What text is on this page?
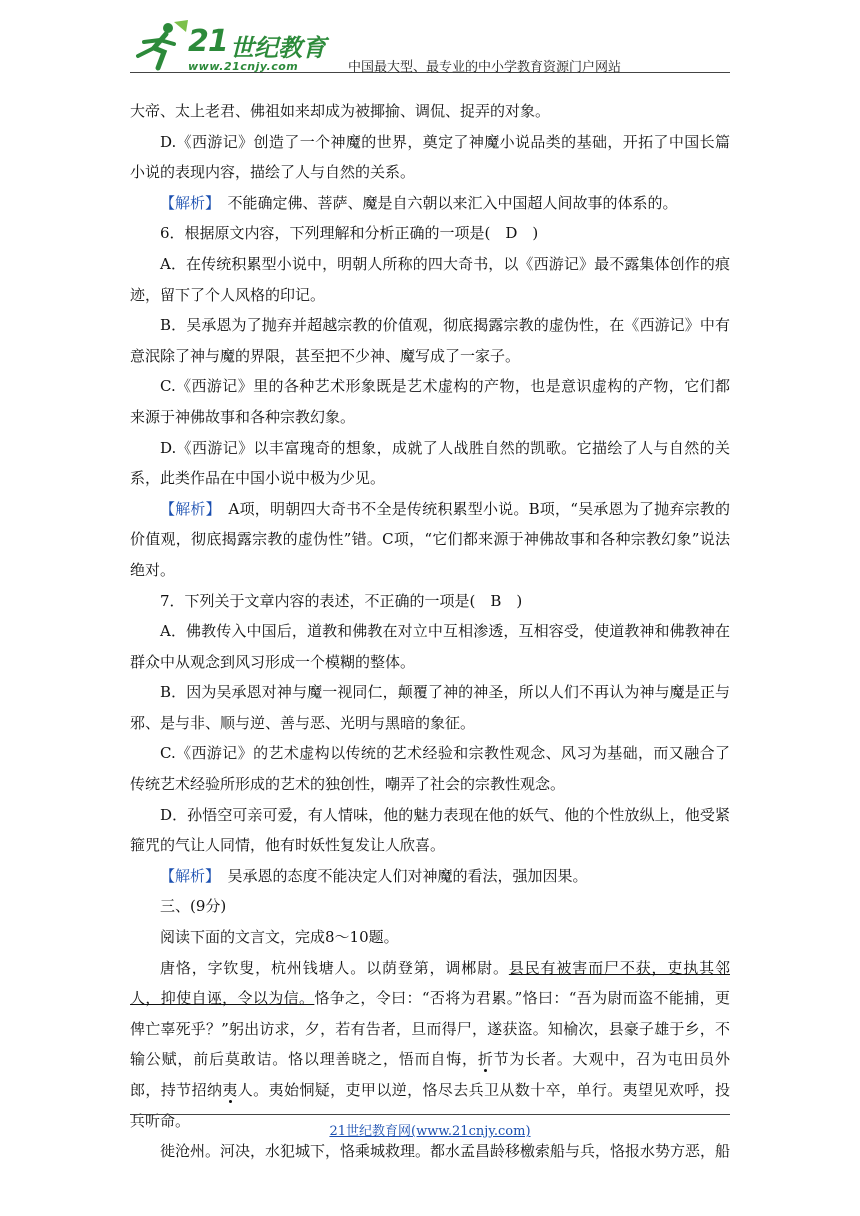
21 世纪教育
www.21cnjy.com	中国最大型、最专业的中小学教育资源门户网站

大帝、太上老君、佛祖如来却成为被揶揄、调侃、捉弄的对象。

D.《西游记》创造了一个神魔的世界，奠定了神魔小说品类的基础，开拓了中国长篇小说的表现内容，描绘了人与自然的关系。

【解析】　不能确定佛、菩萨、魔是自六朝以来汇入中国超人间故事的体系的。

6．根据原文内容，下列理解和分析正确的一项是(　D　)

A．在传统积累型小说中，明朝人所称的四大奇书，以《西游记》最不露集体创作的痕迹，留下了个人风格的印记。

B．吴承恩为了抛弃并超越宗教的价值观，彻底揭露宗教的虚伪性，在《西游记》中有意泯除了神与魔的界限，甚至把不少神、魔写成了一家子。

C.《西游记》里的各种艺术形象既是艺术虚构的产物，也是意识虚构的产物，它们都来源于神佛故事和各种宗教幻象。

D.《西游记》以丰富瑰奇的想象，成就了人战胜自然的凯歌。它描绘了人与自然的关系，此类作品在中国小说中极为少见。

【解析】　A项，明朝四大奇书不全是传统积累型小说。B项，“吴承恩为了抛弃宗教的价值观，彻底揭露宗教的虚伪性”错。C项，“它们都来源于神佛故事和各种宗教幻象”说法绝对。

7．下列关于文章内容的表述，不正确的一项是(　B　)

A．佛教传入中国后，道教和佛教在对立中互相渗透，互相容受，使道教神和佛教神在群众中从观念到风习形成一个模糊的整体。

B．因为吴承恩对神与魔一视同仁，颠覆了神的神圣，所以人们不再认为神与魔是正与邪、是与非、顺与逆、善与恶、光明与黑暗的象征。

C.《西游记》的艺术虚构以传统的艺术经验和宗教性观念、风习为基础，而又融合了传统艺术经验所形成的艺术的独创性，嘲弄了社会的宗教性观念。

D．孙悟空可亲可爱，有人情味，他的魅力表现在他的妖气、他的个性放纵上，他受紧箍咒的气让人同情，他有时妖性复发让人欣喜。

【解析】　吴承恩的态度不能决定人们对神魔的看法，强加因果。

三、(9分)

阅读下面的文言文，完成8～10题。

唐恪，字钦叟，杭州钱塘人。以荫登第，调郴尉。县民有被害而尸不获，吏执其邻人，抑使自诬，令以为信。恪争之，令曰：“否将为君累。”恪曰：“吾为尉而盗不能捕，更俾亡辜死乎？”躬出访求，夕，若有告者，旦而得尸，遂获盗。知榆次，县豪子雄于乡，不输公赋，前后莫敢诘。恪以理善晓之，悟而自悔，折节为长者。大观中，召为屯田员外郎，持节招纳夷人。夷始恫疑，吏甲以逆，恪尽去兵卫从数十卒，单行。夷望见欢呼，投兵听命。

徙沧州。河决，水犯城下，恪乘城救理。都水孟昌龄移檄索船与兵，恪报水势方恶，船

21世纪教育网(www.21cnjy.com)
